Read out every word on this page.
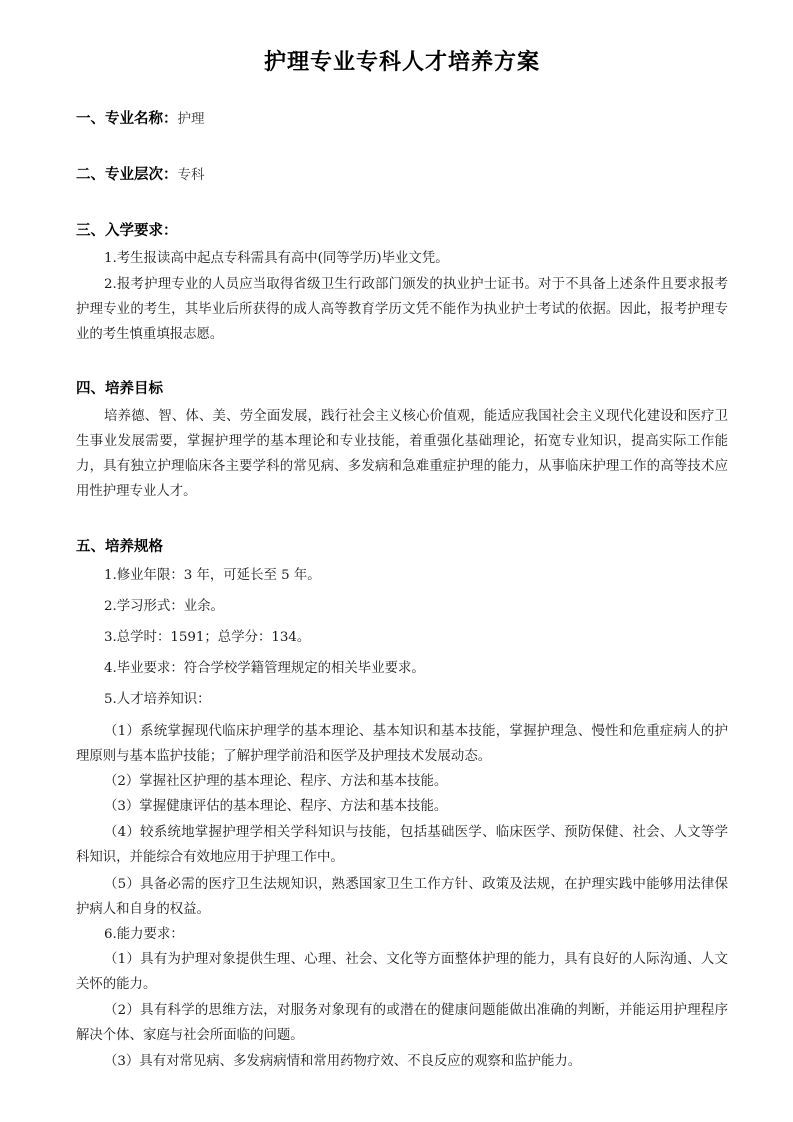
护理专业专科人才培养方案
一、专业名称：护理
二、专业层次：专科
三、入学要求：
1.考生报读高中起点专科需具有高中(同等学历)毕业文凭。
2.报考护理专业的人员应当取得省级卫生行政部门颁发的执业护士证书。对于不具备上述条件且要求报考护理专业的考生，其毕业后所获得的成人高等教育学历文凭不能作为执业护士考试的依据。因此，报考护理专业的考生慎重填报志愿。
四、培养目标
培养德、智、体、美、劳全面发展，践行社会主义核心价值观，能适应我国社会主义现代化建设和医疗卫生事业发展需要，掌握护理学的基本理论和专业技能，着重强化基础理论，拓宽专业知识，提高实际工作能力，具有独立护理临床各主要学科的常见病、多发病和急难重症护理的能力，从事临床护理工作的高等技术应用性护理专业人才。
五、培养规格
1.修业年限：3 年，可延长至 5 年。
2.学习形式：业余。
3.总学时：1591；总学分：134。
4.毕业要求：符合学校学籍管理规定的相关毕业要求。
5.人才培养知识：
（1）系统掌握现代临床护理学的基本理论、基本知识和基本技能，掌握护理急、慢性和危重症病人的护理原则与基本监护技能；了解护理学前沿和医学及护理技术发展动态。
（2）掌握社区护理的基本理论、程序、方法和基本技能。
（3）掌握健康评估的基本理论、程序、方法和基本技能。
（4）较系统地掌握护理学相关学科知识与技能，包括基础医学、临床医学、预防保健、社会、人文等学科知识，并能综合有效地应用于护理工作中。
（5）具备必需的医疗卫生法规知识，熟悉国家卫生工作方针、政策及法规，在护理实践中能够用法律保护病人和自身的权益。
6.能力要求：
（1）具有为护理对象提供生理、心理、社会、文化等方面整体护理的能力，具有良好的人际沟通、人文关怀的能力。
（2）具有科学的思维方法，对服务对象现有的或潜在的健康问题能做出准确的判断，并能运用护理程序解决个体、家庭与社会所面临的问题。
（3）具有对常见病、多发病病情和常用药物疗效、不良反应的观察和监护能力。
